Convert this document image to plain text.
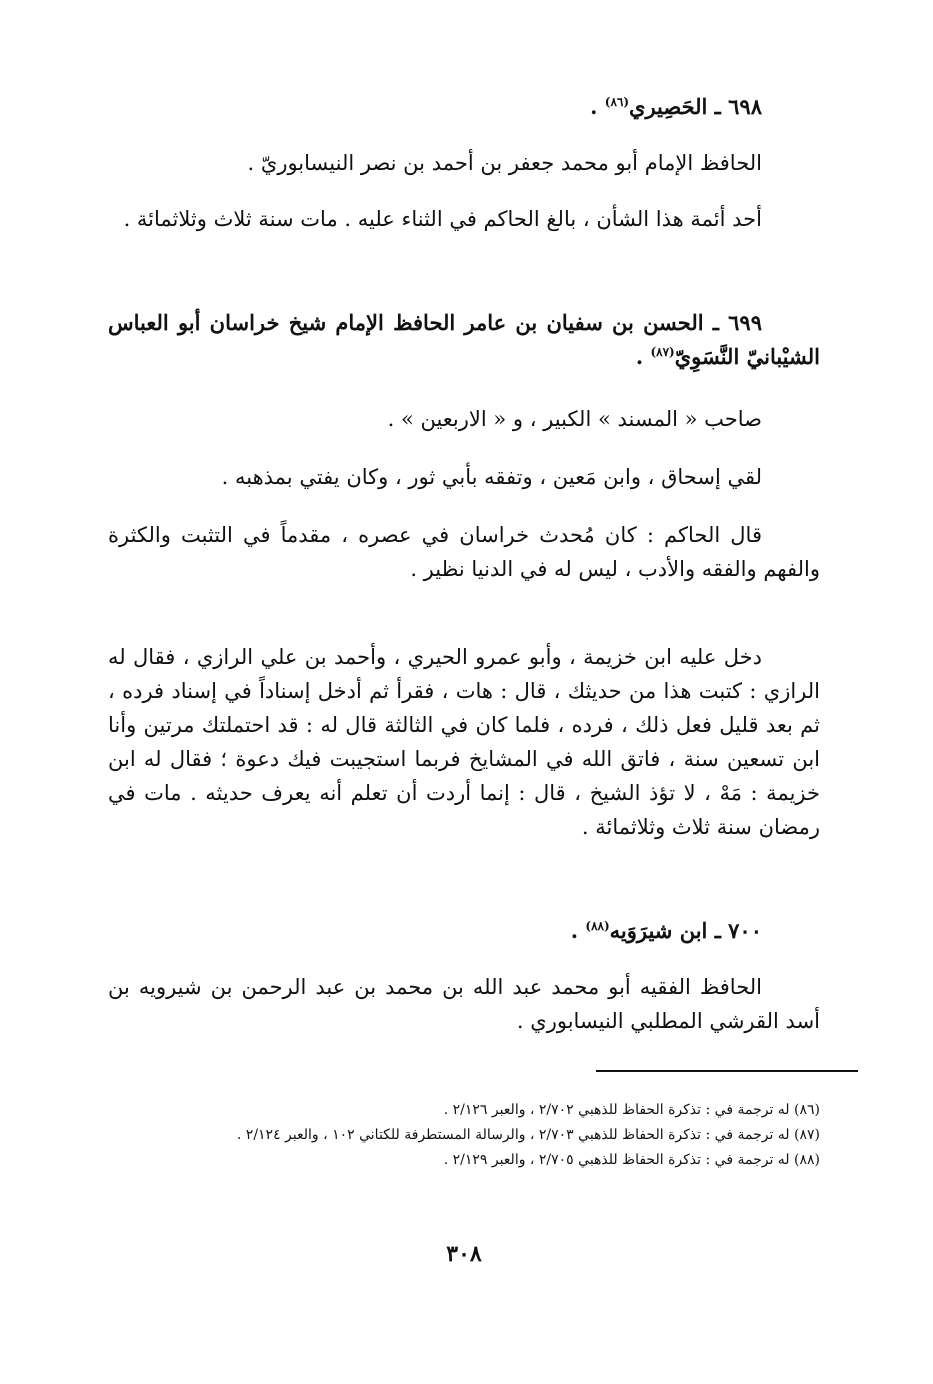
٦٩٨ ـ الحَصِيري$^{(٨٦)}$ .

الحافظ الإمام أبو محمد جعفر بن أحمد بن نصر النيسابوريّ .

أحد أئمة هذا الشأن ، بالغ الحاكم في الثناء عليه . مات سنة ثلاث وثلاثمائة .

٦٩٩ ـ الحسن بن سفيان بن عامر الحافظ الإمام شيخ خراسان أبو العباس الشيْبانيّ النَّسَوِيّ$^{(٨٧)}$ .

صاحب « المسند » الكبير ، و « الاربعين » .

لقي إسحاق ، وابن مَعين ، وتفقه بأبي ثور ، وكان يفتي بمذهبه .

قال الحاكم : كان مُحدث خراسان في عصره ، مقدماً في التثبت والكثرة والفهم والفقه والأدب ، ليس له في الدنيا نظير .

دخل عليه ابن خزيمة ، وأبو عمرو الحيري ، وأحمد بن علي الرازي ، فقال له الرازي : كتبت هذا من حديثك ، قال : هات ، فقرأ ثم أدخل إسناداً في إسناد فرده ، ثم بعد قليل فعل ذلك ، فرده ، فلما كان في الثالثة قال له : قد احتملتك مرتين وأنا ابن تسعين سنة ، فاتق الله في المشايخ فربما استجيبت فيك دعوة ؛ فقال له ابن خزيمة : مَهْ ، لا تؤذ الشيخ ، قال : إنما أردت أن تعلم أنه يعرف حديثه . مات في رمضان سنة ثلاث وثلاثمائة .

٧٠٠ ـ ابن شيرَوَيه$^{(٨٨)}$ .

الحافظ الفقيه أبو محمد عبد الله بن محمد بن عبد الرحمن بن شيرويه بن أسد القرشي المطلبي النيسابوري .

(٨٦) له ترجمة في : تذكرة الحفاظ للذهبي ٢/٧٠٢ ، والعبر ٢/١٢٦ .

(٨٧) له ترجمة في : تذكرة الحفاظ للذهبي ٢/٧٠٣ ، والرسالة المستطرفة للكتاني ١٠٢ ، والعبر ٢/١٢٤ .

(٨٨) له ترجمة في : تذكرة الحفاظ للذهبي ٢/٧٠٥ ، والعبر ٢/١٢٩ .

٣٠٨
